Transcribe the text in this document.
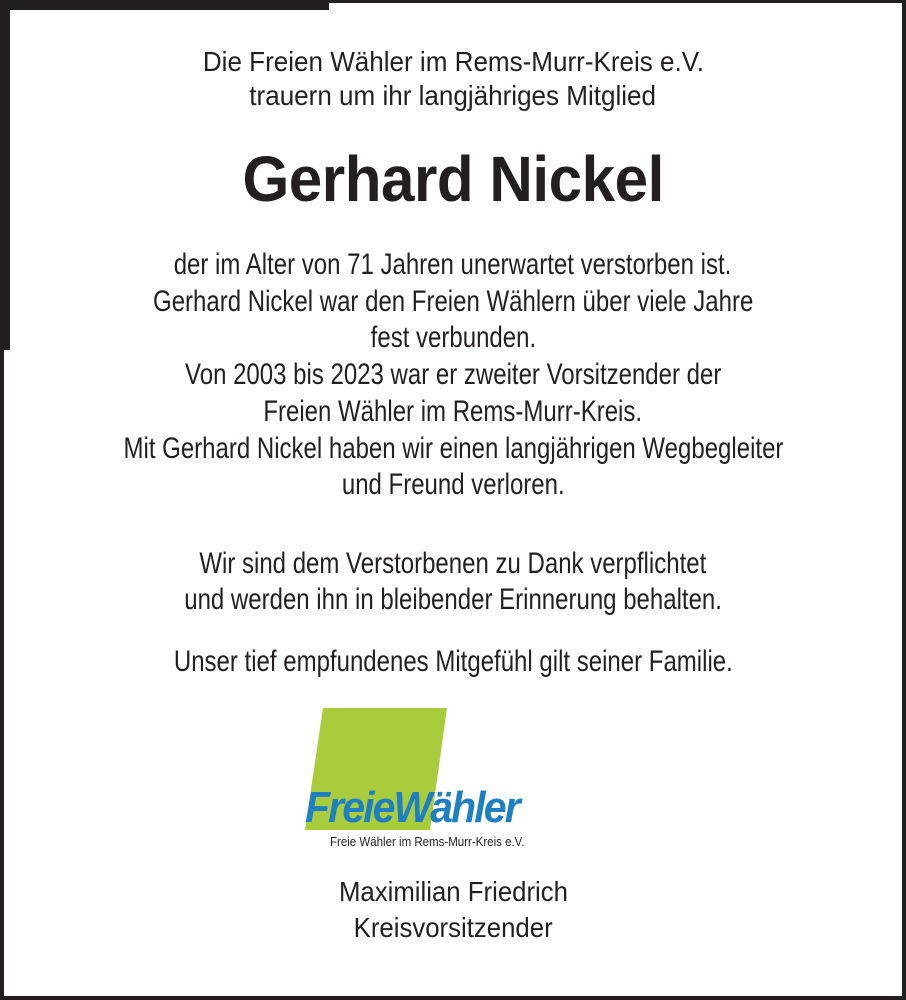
Die Freien Wähler im Rems-Murr-Kreis e.V.
trauern um ihr langjähriges Mitglied
Gerhard Nickel
der im Alter von 71 Jahren unerwartet verstorben ist.
Gerhard Nickel war den Freien Wählern über viele Jahre
fest verbunden.
Von 2003 bis 2023 war er zweiter Vorsitzender der
Freien Wähler im Rems-Murr-Kreis.
Mit Gerhard Nickel haben wir einen langjährigen Wegbegleiter
und Freund verloren.
Wir sind dem Verstorbenen zu Dank verpflichtet
und werden ihn in bleibender Erinnerung behalten.
Unser tief empfundenes Mitgefühl gilt seiner Familie.
FreieWähler
Freie Wähler im Rems-Murr-Kreis e.V.
Maximilian Friedrich
Kreisvorsitzender
